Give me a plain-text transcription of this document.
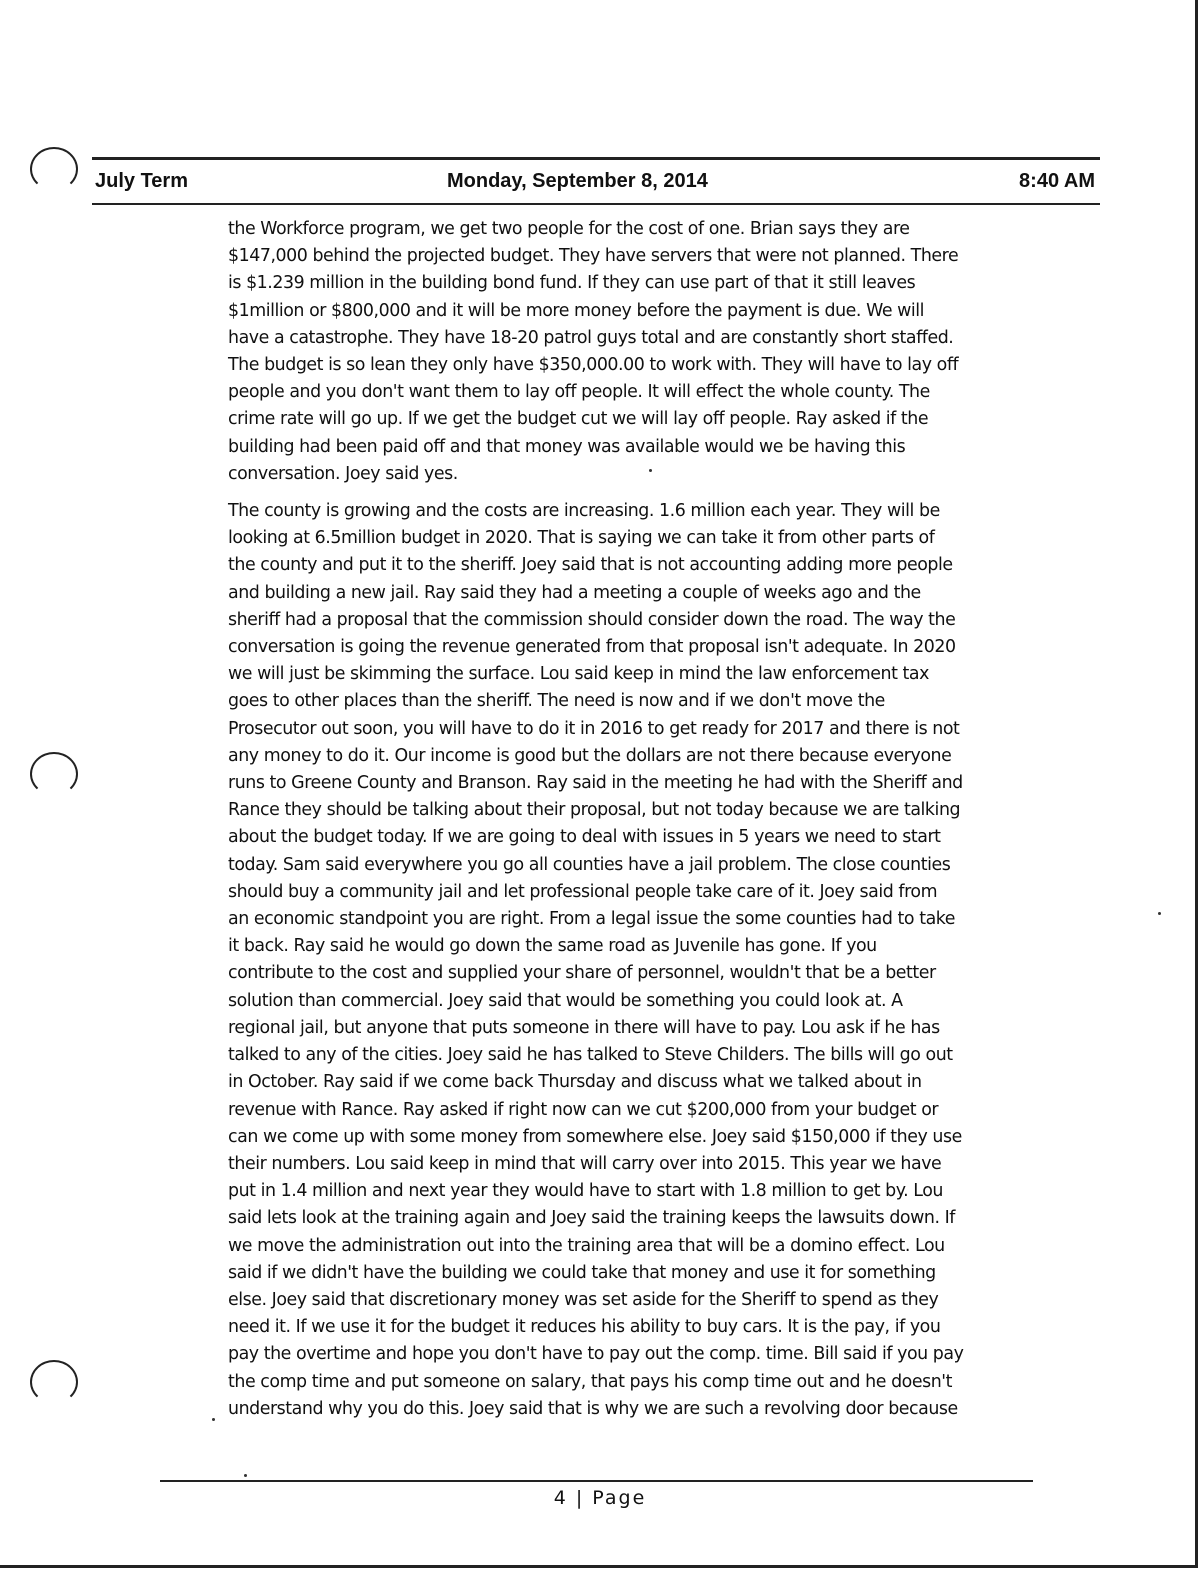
July Term	Monday, September 8, 2014	8:40 AM

the Workforce program, we get two people for the cost of one. Brian says they are
$147,000 behind the projected budget. They have servers that were not planned. There
is $1.239 million in the building bond fund. If they can use part of that it still leaves
$1million or $800,000 and it will be more money before the payment is due. We will
have a catastrophe. They have 18-20 patrol guys total and are constantly short staffed.
The budget is so lean they only have $350,000.00 to work with. They will have to lay off
people and you don't want them to lay off people. It will effect the whole county. The
crime rate will go up. If we get the budget cut we will lay off people. Ray asked if the
building had been paid off and that money was available would we be having this
conversation. Joey said yes.

The county is growing and the costs are increasing. 1.6 million each year. They will be
looking at 6.5million budget in 2020. That is saying we can take it from other parts of
the county and put it to the sheriff. Joey said that is not accounting adding more people
and building a new jail. Ray said they had a meeting a couple of weeks ago and the
sheriff had a proposal that the commission should consider down the road. The way the
conversation is going the revenue generated from that proposal isn't adequate. In 2020
we will just be skimming the surface. Lou said keep in mind the law enforcement tax
goes to other places than the sheriff. The need is now and if we don't move the
Prosecutor out soon, you will have to do it in 2016 to get ready for 2017 and there is not
any money to do it. Our income is good but the dollars are not there because everyone
runs to Greene County and Branson. Ray said in the meeting he had with the Sheriff and
Rance they should be talking about their proposal, but not today because we are talking
about the budget today. If we are going to deal with issues in 5 years we need to start
today. Sam said everywhere you go all counties have a jail problem. The close counties
should buy a community jail and let professional people take care of it. Joey said from
an economic standpoint you are right. From a legal issue the some counties had to take
it back. Ray said he would go down the same road as Juvenile has gone. If you
contribute to the cost and supplied your share of personnel, wouldn't that be a better
solution than commercial. Joey said that would be something you could look at. A
regional jail, but anyone that puts someone in there will have to pay. Lou ask if he has
talked to any of the cities. Joey said he has talked to Steve Childers. The bills will go out
in October. Ray said if we come back Thursday and discuss what we talked about in
revenue with Rance. Ray asked if right now can we cut $200,000 from your budget or
can we come up with some money from somewhere else. Joey said $150,000 if they use
their numbers. Lou said keep in mind that will carry over into 2015. This year we have
put in 1.4 million and next year they would have to start with 1.8 million to get by. Lou
said lets look at the training again and Joey said the training keeps the lawsuits down. If
we move the administration out into the training area that will be a domino effect. Lou
said if we didn't have the building we could take that money and use it for something
else. Joey said that discretionary money was set aside for the Sheriff to spend as they
need it. If we use it for the budget it reduces his ability to buy cars. It is the pay, if you
pay the overtime and hope you don't have to pay out the comp. time. Bill said if you pay
the comp time and put someone on salary, that pays his comp time out and he doesn't
understand why you do this. Joey said that is why we are such a revolving door because

4 | Page
